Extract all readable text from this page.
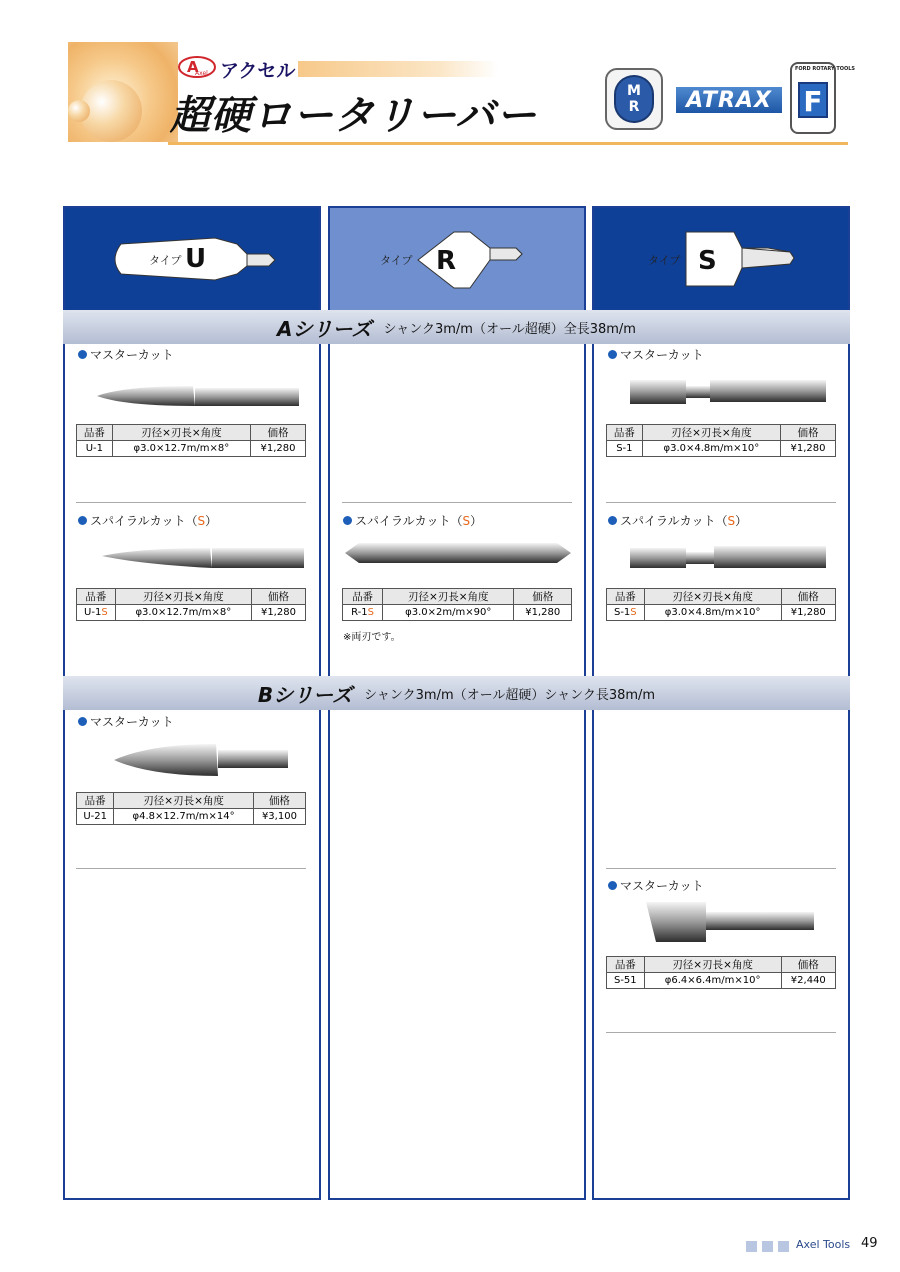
A
Axel アクセル
超硬ロータリーバー
M
R	ATRAX
FORD ROTARY TOOLS
F
タイプ U	タイプ R	タイプ S
Aシリーズ シャンク3m/m（オール超硬）全長38m/m
Bシリーズ シャンク3m/m（オール超硬）シャンク長38m/m
マスターカット
品番	刃径×刃長×角度	価格
U-1	φ3.0×12.7m/m×8°	¥1,280
スパイラルカット （ S ）
品番	刃径×刃長×角度	価格
U-1S	φ3.0×12.7m/m×8°	¥1,280
スパイラルカット （ S ）
品番	刃径×刃長×角度	価格
R-1S	φ3.0×2m/m×90°	¥1,280
※両刃です。
マスターカット
品番	刃径×刃長×角度	価格
S-1	φ3.0×4.8m/m×10°	¥1,280
スパイラルカット （ S ）
品番	刃径×刃長×角度	価格
S-1S	φ3.0×4.8m/m×10°	¥1,280
マスターカット
品番	刃径×刃長×角度	価格
U-21	φ4.8×12.7m/m×14°	¥3,100
マスターカット
品番	刃径×刃長×角度	価格
S-51	φ6.4×6.4m/m×10°	¥2,440
Axel Tools 49
